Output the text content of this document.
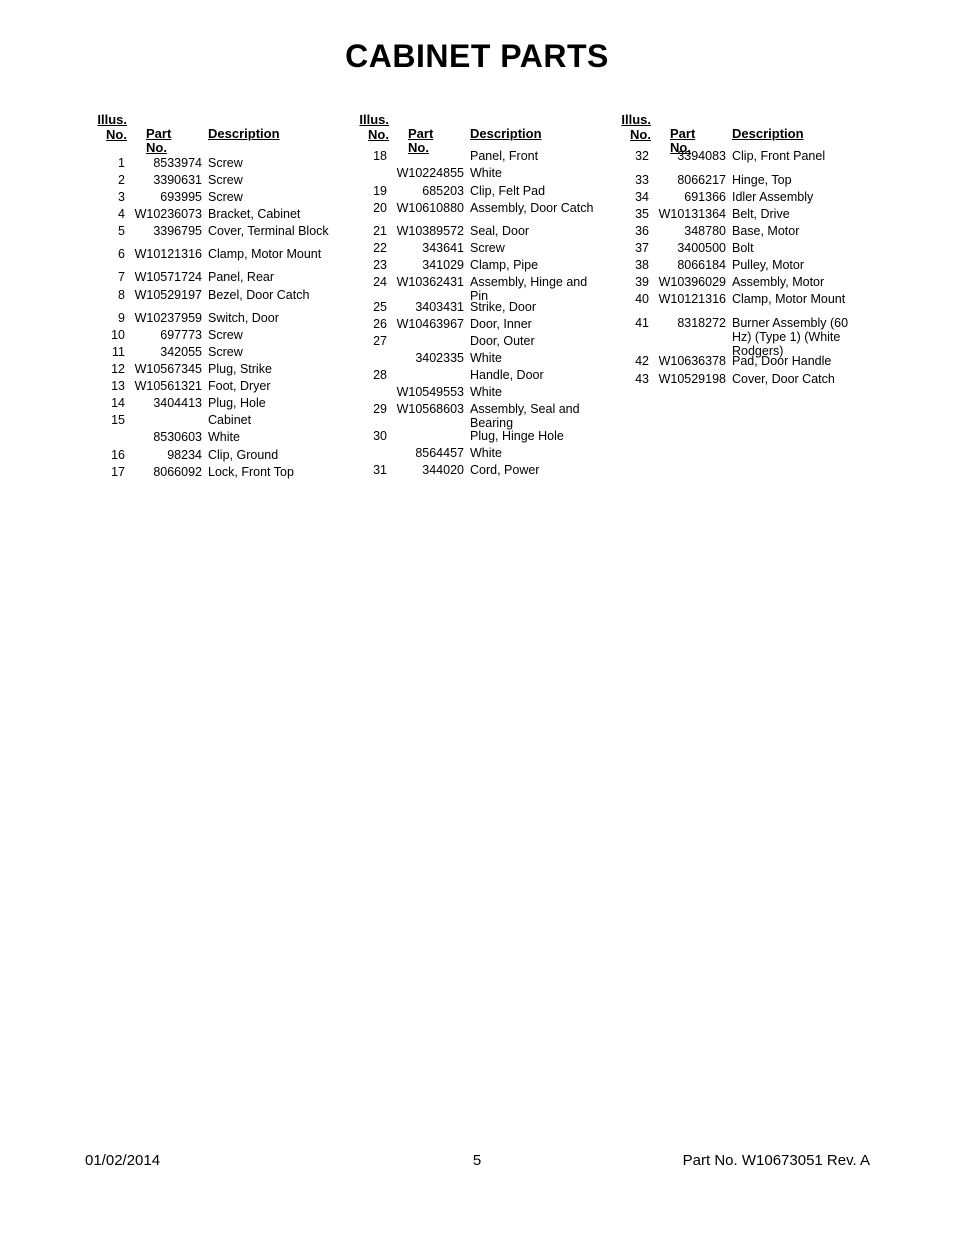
CABINET PARTS
Illus.
No. Part No.
Description
1	8533974 Screw
2	3390631 Screw
3	693995 Screw
4 W10236073 Bracket, Cabinet
5	3396795 Cover, Terminal Block
6 W10121316 Clamp, Motor Mount
7 W10571724 Panel, Rear
8 W10529197 Bezel, Door Catch
9 W10237959 Switch, Door
10	697773 Screw
11	342055 Screw
12 W10567345 Plug, Strike
13 W10561321 Foot, Dryer
14	3404413 Plug, Hole
15	Cabinet
8530603 White
16	98234 Clip, Ground
17	8066092 Lock, Front Top
Illus.
No. Part No.
Description
18	Panel, Front
W10224855 White
19	685203 Clip, Felt Pad
20 W10610880 Assembly, Door Catch
21 W10389572 Seal, Door
22	343641 Screw
23	341029 Clamp, Pipe
24 W10362431 Assembly, Hinge and Pin
25	3403431 Strike, Door
26 W10463967 Door, Inner
27	Door, Outer
3402335 White
28	Handle, Door
W10549553 White
29 W10568603 Assembly, Seal and Bearing
30	Plug, Hinge Hole
8564457 White
31	344020 Cord, Power
Illus.
No. Part No.
Description
32	3394083 Clip, Front Panel
33	8066217 Hinge, Top
34	691366 Idler Assembly
35 W10131364 Belt, Drive
36	348780 Base, Motor
37	3400500 Bolt
38	8066184 Pulley, Motor
39 W10396029 Assembly, Motor
40 W10121316 Clamp, Motor Mount
41	8318272 Burner Assembly (60 Hz) (Type 1) (White Rodgers)
42 W10636378 Pad, Door Handle
43 W10529198 Cover, Door Catch
01/02/2014	5	Part No. W10673051 Rev. A
